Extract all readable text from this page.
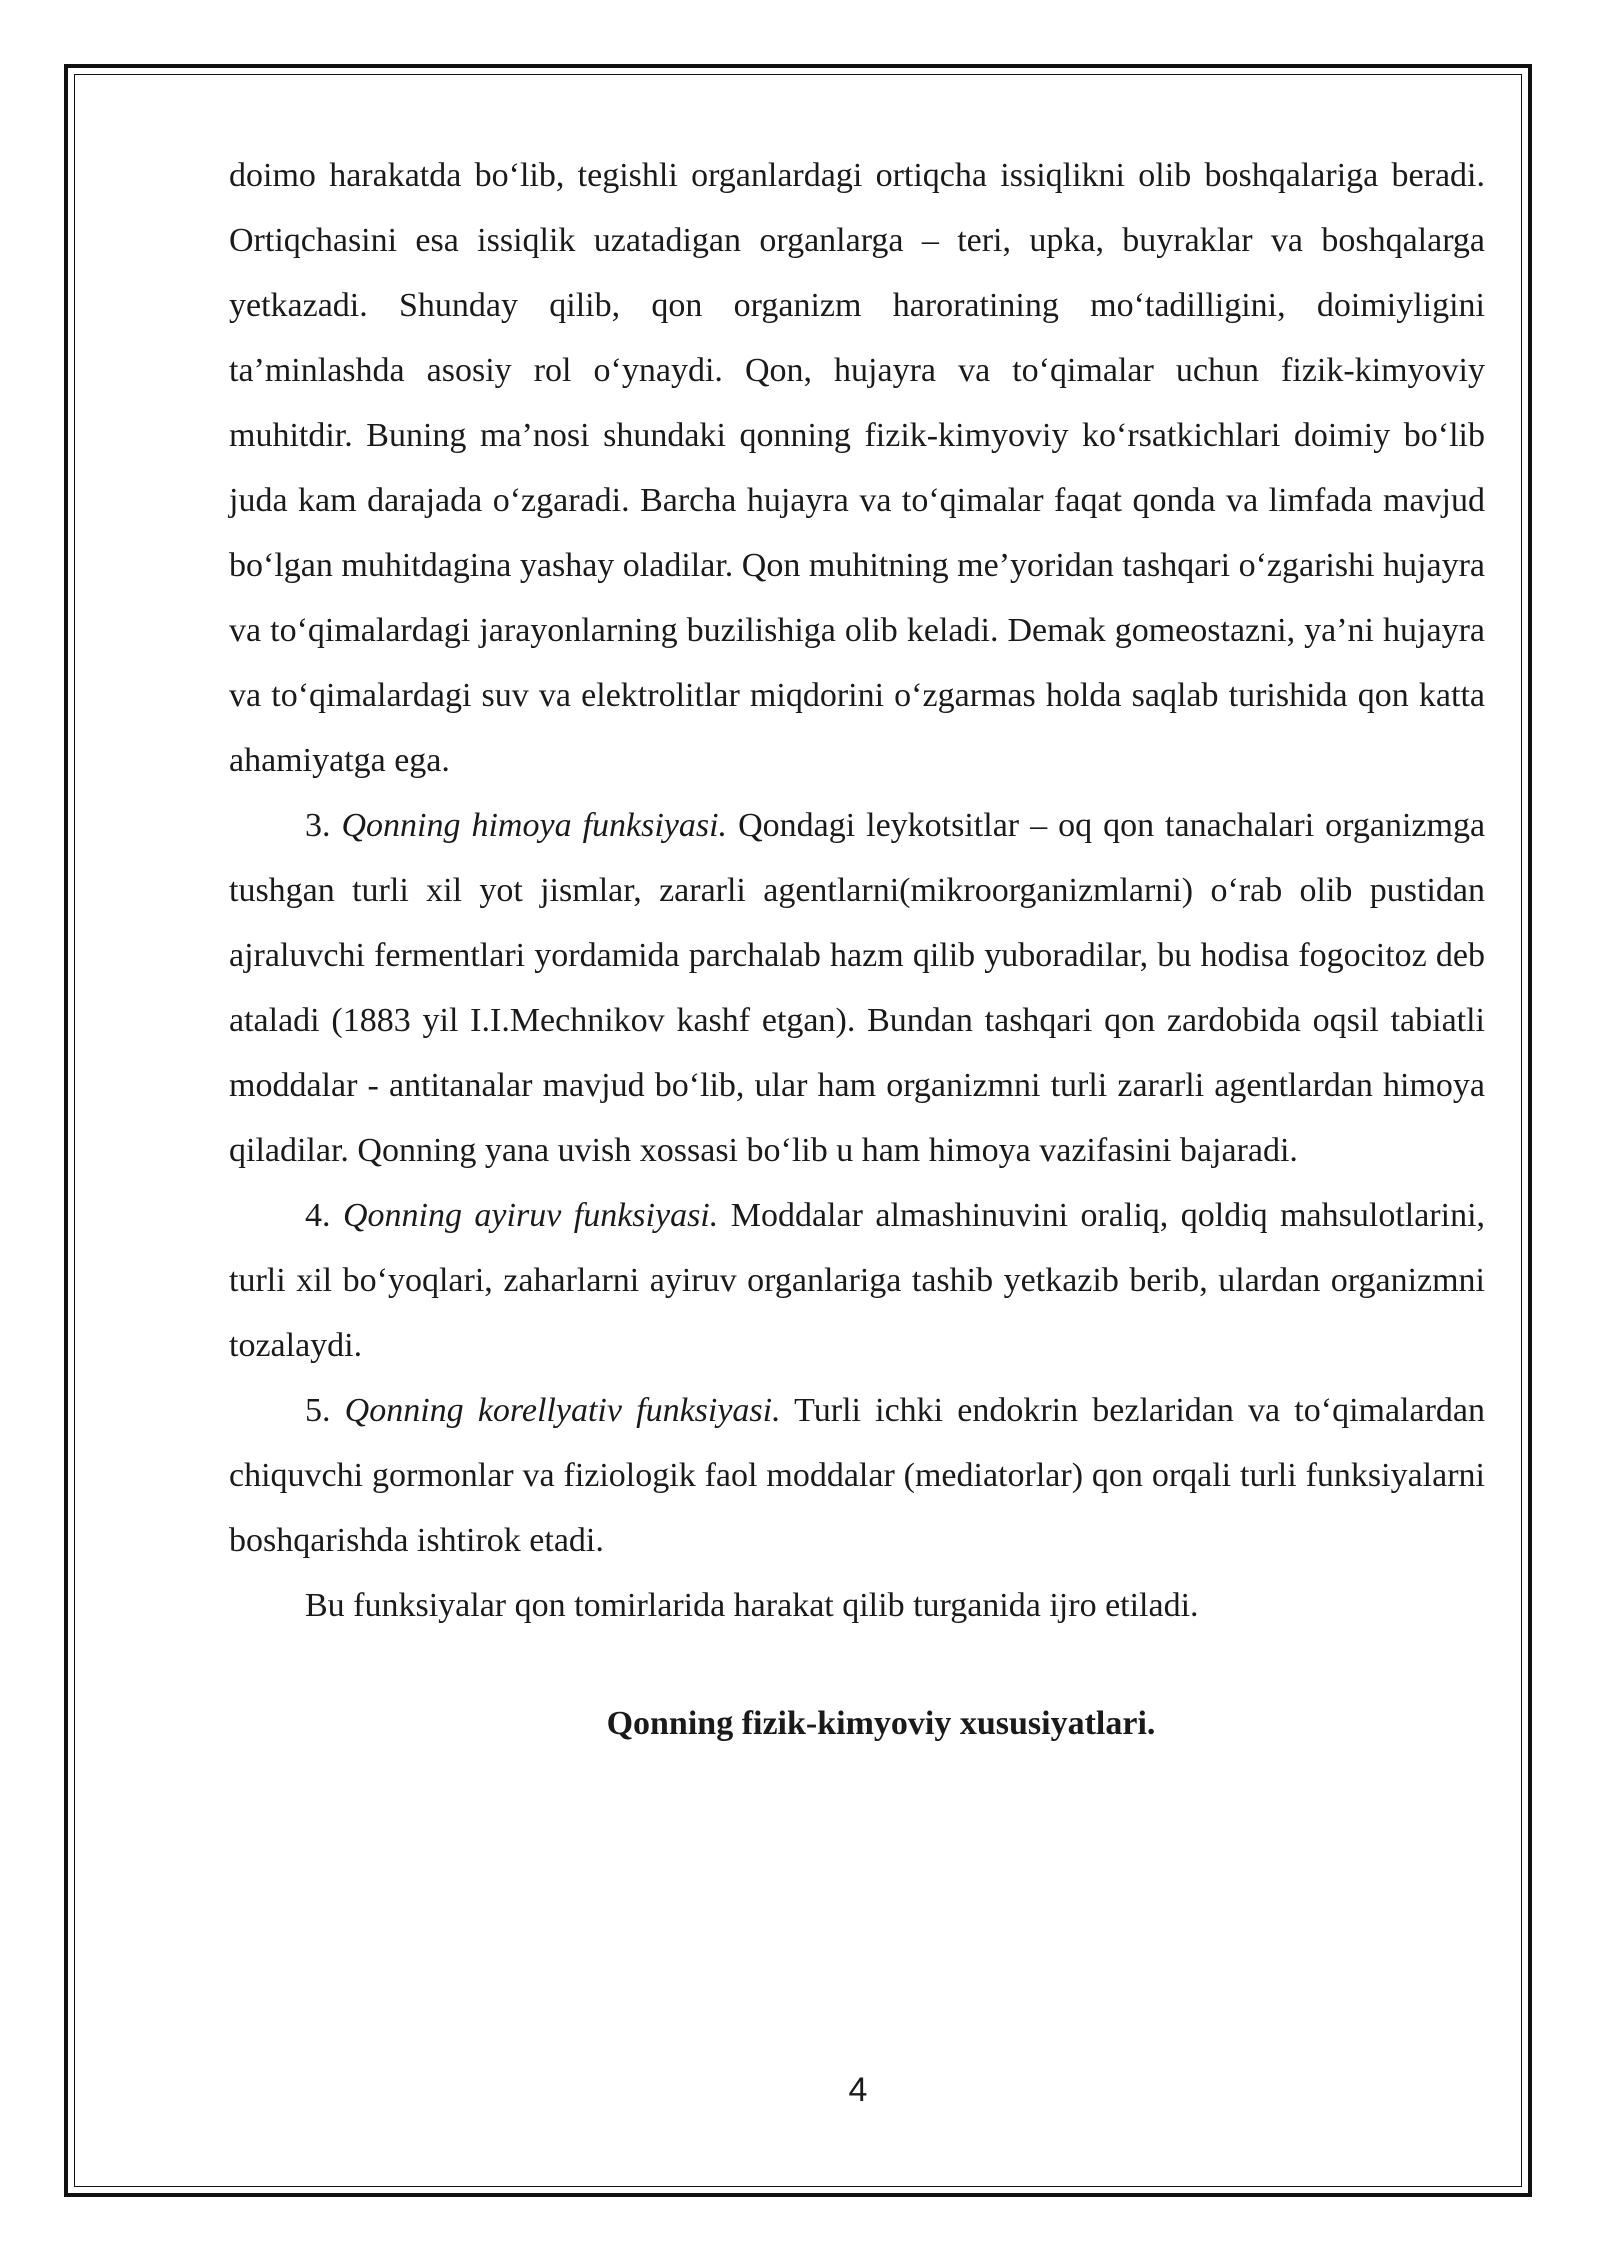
doimo harakatda boʻlib, tegishli organlardagi ortiqcha issiqlikni olib boshqalariga beradi. Ortiqchasini esa issiqlik uzatadigan organlarga – teri, upka, buyraklar va boshqalarga yetkazadi. Shunday qilib, qon organizm haroratining moʻtadilligini, doimiyligini ta’minlashda asosiy rol oʻynaydi. Qon, hujayra va toʻqimalar uchun fizik-kimyoviy muhitdir. Buning ma’nosi shundaki qonning fizik-kimyoviy koʻrsatkichlari doimiy boʻlib juda kam darajada oʻzgaradi. Barcha hujayra va toʻqimalar faqat qonda va limfada mavjud boʻlgan muhitdagina yashay oladilar. Qon muhitning me’yoridan tashqari oʻzgarishi hujayra va toʻqimalardagi jarayonlarning buzilishiga olib keladi. Demak gomeostazni, ya’ni hujayra va toʻqimalardagi suv va elektrolitlar miqdorini oʻzgarmas holda saqlab turishida qon katta ahamiyatga ega.

3. Qonning himoya funksiyasi. Qondagi leykotsitlar – oq qon tanachalari organizmga tushgan turli xil yot jismlar, zararli agentlarni(mikroorganizmlarni) oʻrab olib pustidan ajraluvchi fermentlari yordamida parchalab hazm qilib yuboradilar, bu hodisa fogocitoz deb ataladi (1883 yil I.I.Mechnikov kashf etgan). Bundan tashqari qon zardobida oqsil tabiatli moddalar - antitanalar mavjud boʻlib, ular ham organizmni turli zararli agentlardan himoya qiladilar. Qonning yana uvish xossasi boʻlib u ham himoya vazifasini bajaradi.

4. Qonning ayiruv funksiyasi. Moddalar almashinuvini oraliq, qoldiq mahsulotlarini, turli xil boʻyoqlari, zaharlarni ayiruv organlariga tashib yetkazib berib, ulardan organizmni tozalaydi.

5. Qonning korellyativ funksiyasi. Turli ichki endokrin bezlaridan va toʻqimalardan chiquvchi gormonlar va fiziologik faol moddalar (mediatorlar) qon orqali turli funksiyalarni boshqarishda ishtirok etadi.

Bu funksiyalar qon tomirlarida harakat qilib turganida ijro etiladi.

Qonning fizik-kimyoviy xususiyatlari.
4
